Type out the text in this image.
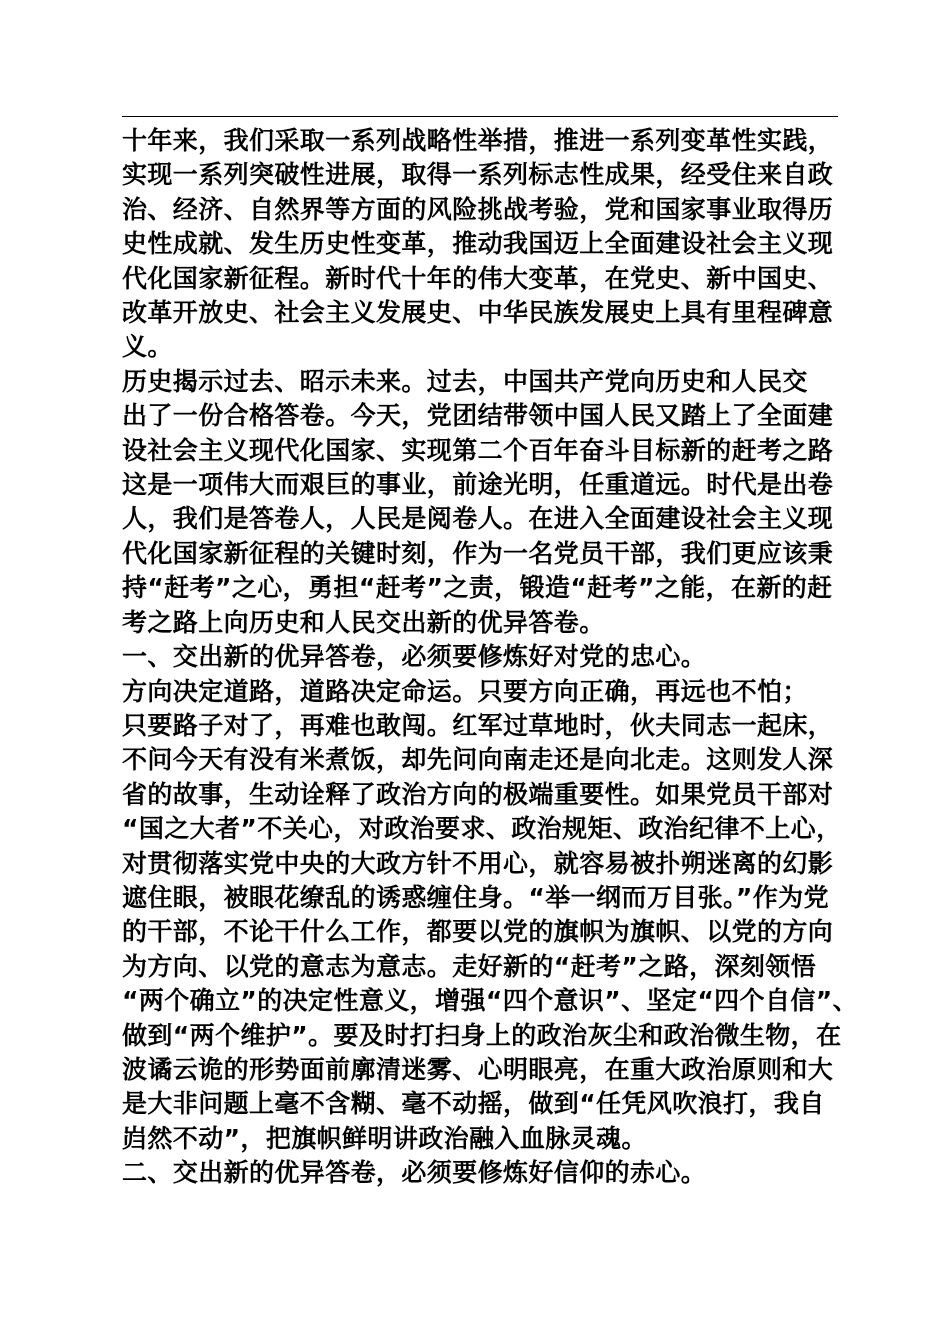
十年来，我们采取一系列战略性举措，推进一系列变革性实践，
实现一系列突破性进展，取得一系列标志性成果，经受住来自政
治、经济、自然界等方面的风险挑战考验，党和国家事业取得历
史性成就、发生历史性变革，推动我国迈上全面建设社会主义现
代化国家新征程。新时代十年的伟大变革，在党史、新中国史、
改革开放史、社会主义发展史、中华民族发展史上具有里程碑意
义。
历史揭示过去、昭示未来。过去，中国共产党向历史和人民交
出了一份合格答卷。今天，党团结带领中国人民又踏上了全面建
设社会主义现代化国家、实现第二个百年奋斗目标新的赶考之路
这是一项伟大而艰巨的事业，前途光明，任重道远。时代是出卷
人，我们是答卷人，人民是阅卷人。在进入全面建设社会主义现
代化国家新征程的关键时刻，作为一名党员干部，我们更应该秉
持“赶考”之心，勇担“赶考”之责，锻造“赶考”之能，在新的赶
考之路上向历史和人民交出新的优异答卷。
一、交出新的优异答卷，必须要修炼好对党的忠心。
方向决定道路，道路决定命运。只要方向正确，再远也不怕；
只要路子对了，再难也敢闯。红军过草地时，伙夫同志一起床，
不问今天有没有米煮饭，却先问向南走还是向北走。这则发人深
省的故事，生动诠释了政治方向的极端重要性。如果党员干部对
“国之大者”不关心，对政治要求、政治规矩、政治纪律不上心，
对贯彻落实党中央的大政方针不用心，就容易被扑朔迷离的幻影
遮住眼，被眼花缭乱的诱惑缠住身。“举一纲而万目张。”作为党
的干部，不论干什么工作，都要以党的旗帜为旗帜、以党的方向
为方向、以党的意志为意志。走好新的“赶考”之路，深刻领悟
“两个确立”的决定性意义，增强“四个意识”、坚定“四个自信”、
做到“两个维护”。要及时打扫身上的政治灰尘和政治微生物，在
波谲云诡的形势面前廓清迷雾、心明眼亮，在重大政治原则和大
是大非问题上毫不含糊、毫不动摇，做到“任凭风吹浪打，我自
岿然不动”，把旗帜鲜明讲政治融入血脉灵魂。
二、交出新的优异答卷，必须要修炼好信仰的赤心。
